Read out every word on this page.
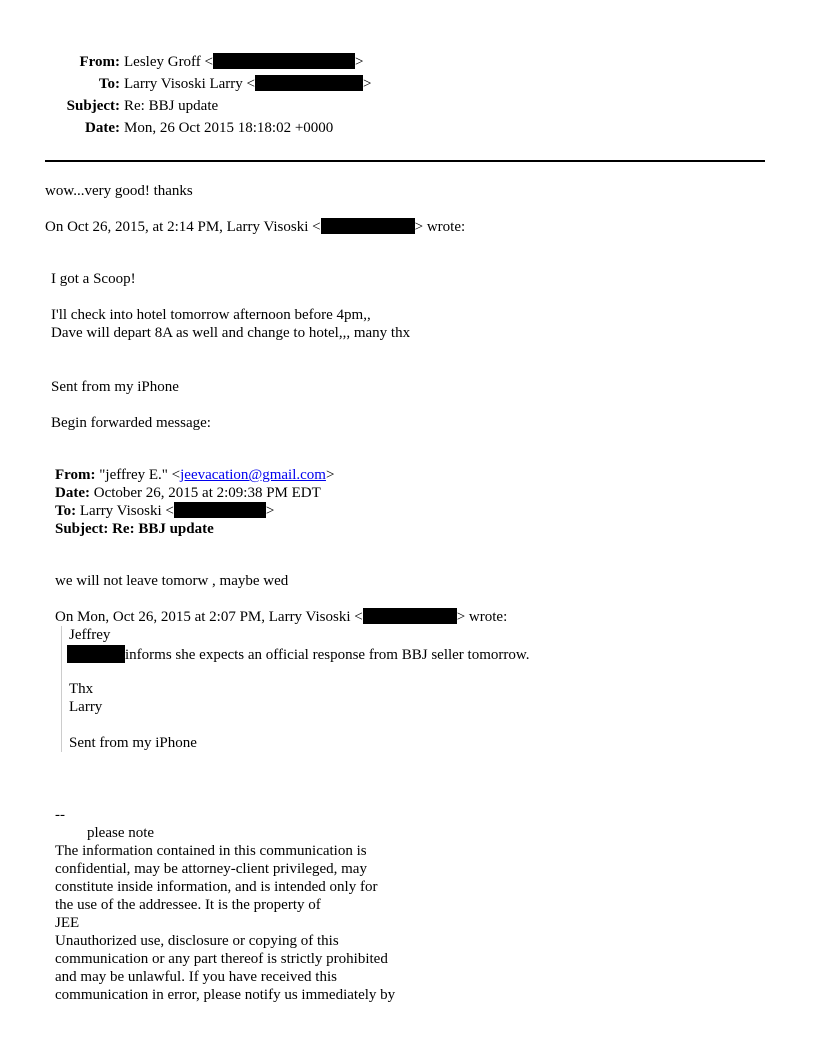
From: Lesley Groff <	>
To: Larry Visoski Larry <	>
Subject: Re: BBJ update
Date: Mon, 26 Oct 2015 18:18:02 +0000
wow...very good! thanks
On Oct 26, 2015, at 2:14 PM, Larry Visoski <	> wrote:
I got a Scoop!
I'll check into hotel tomorrow afternoon before 4pm,,
Dave will depart 8A as well and change to hotel,,, many thx
Sent from my iPhone
Begin forwarded message:
From: "jeffrey E." <jeevacation@gmail.com>
Date: October 26, 2015 at 2:09:38 PM EDT
To: Larry Visoski <	>
Subject: Re: BBJ update
we will not leave tomorw , maybe wed
On Mon, Oct 26, 2015 at 2:07 PM, Larry Visoski <	> wrote:
Jeffrey
informs she expects an official response from BBJ seller tomorrow.
Thx
Larry
Sent from my iPhone
--
please note
The information contained in this communication is
confidential, may be attorney-client privileged, may
constitute inside information, and is intended only for
the use of the addressee. It is the property of
JEE
Unauthorized use, disclosure or copying of this
communication or any part thereof is strictly prohibited
and may be unlawful. If you have received this
communication in error, please notify us immediately by
